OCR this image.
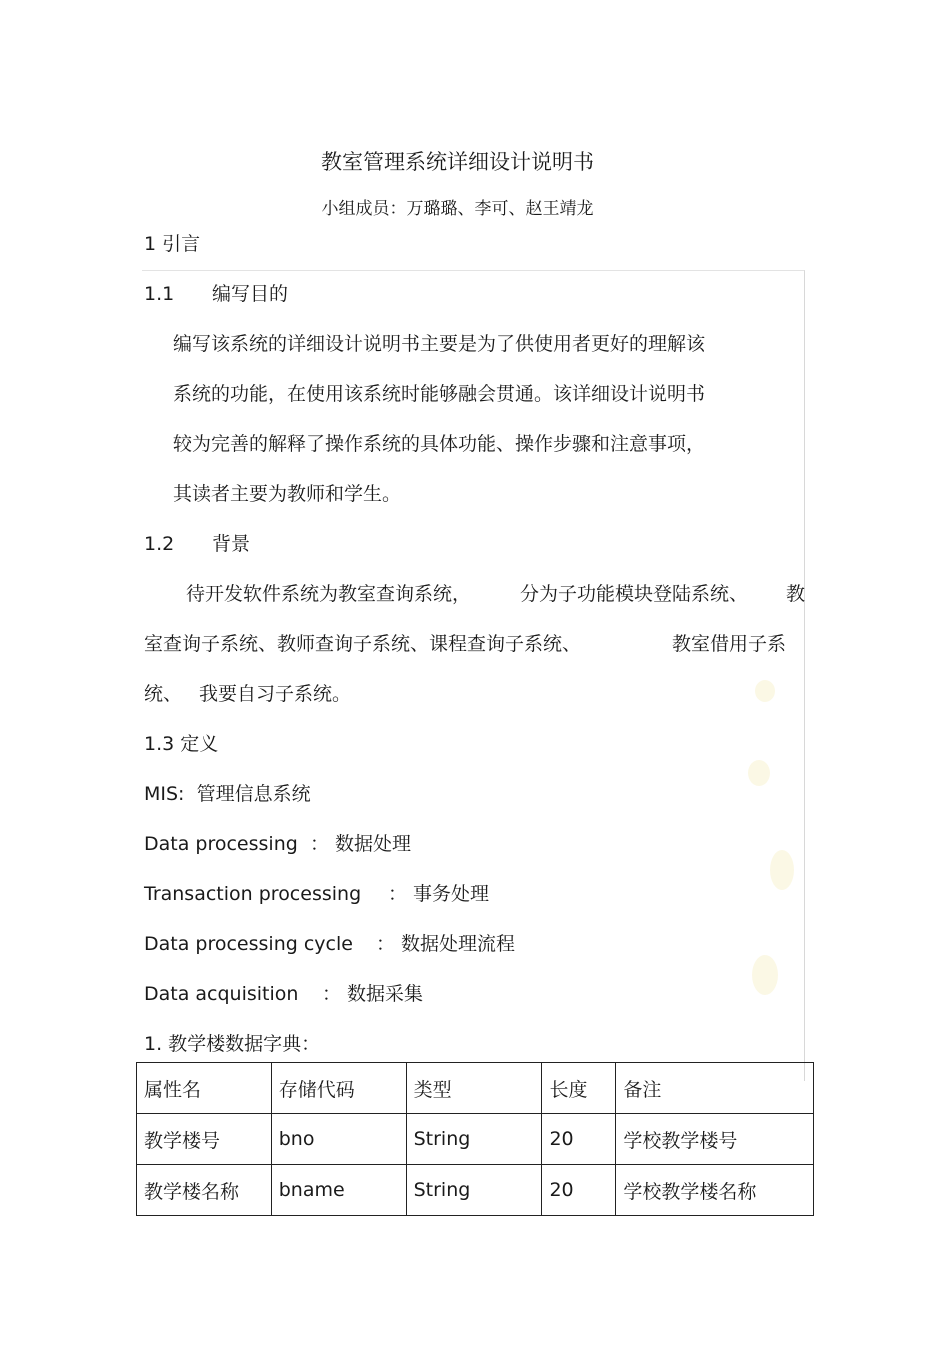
教室管理系统详细设计说明书
小组成员：万璐璐、李可、赵王靖龙
1 引言
1.1 编写目的
编写该系统的详细设计说明书主要是为了供使用者更好的理解该
系统的功能，在使用该系统时能够融会贯通。该详细设计说明书
较为完善的解释了操作系统的具体功能、操作步骤和注意事项，
其读者主要为教师和学生。
1.2 背景
待开发软件系统为教室查询系统，	分为子功能模块登陆系统、 教
室查询子系统、教师查询子系统、课程查询子系统、	教室借用子系
统、 我要自习子系统。
1.3 定义
MIS: 管理信息系统
Data processing ： 数据处理
Transaction processing ： 事务处理
Data processing cycle ： 数据处理流程
Data acquisition ： 数据采集
1. 教学楼数据字典：
属性名	存储代码	类型	长度	备注
教学楼号	bno	String	20	学校教学楼号
教学楼名称	bname	String	20	学校教学楼名称
